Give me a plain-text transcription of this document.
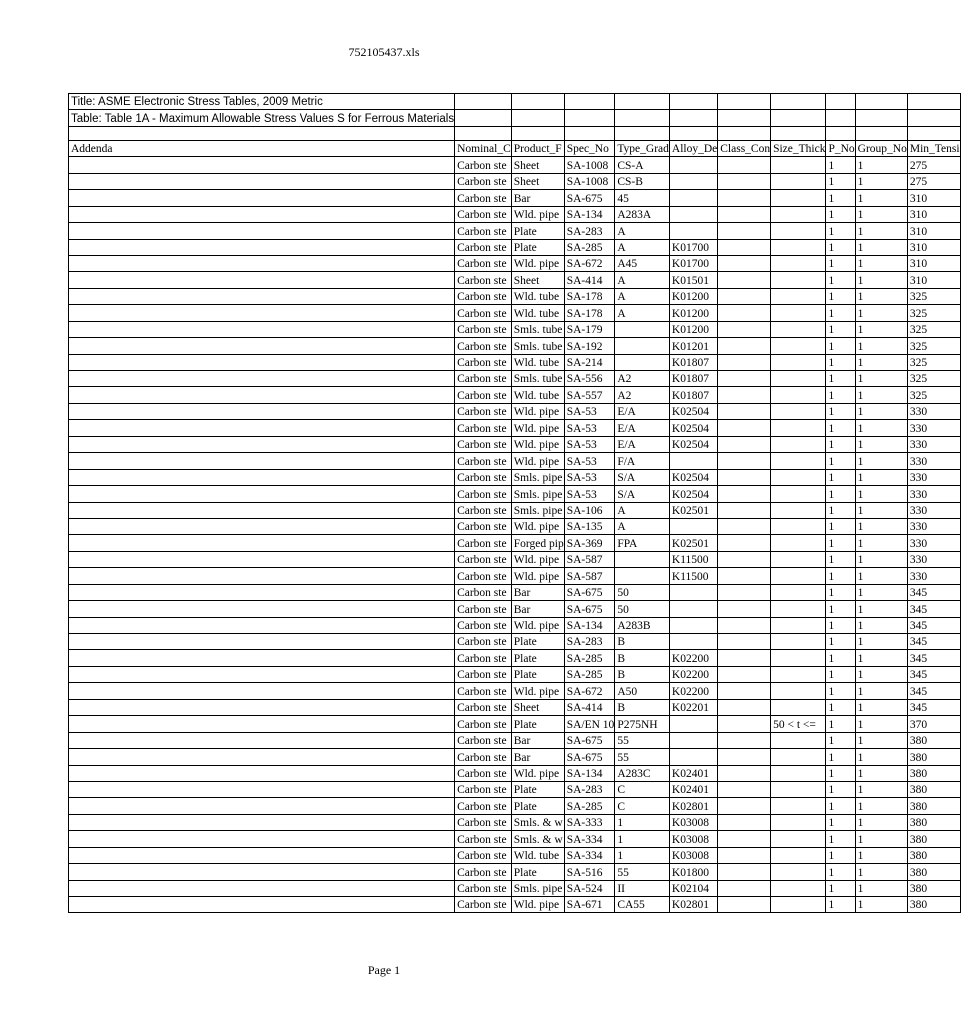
752105437.xls
Title: ASME Electronic Stress Tables, 2009 Metric										
Table: Table 1A - Maximum Allowable Stress Values S for Ferrous Materials										

Addenda	Nominal_C	Product_F	Spec_No	Type_Grad	Alloy_De	Class_Con	Size_Thick	P_No	Group_No	Min_Tensi
	Carbon ste	Sheet	SA-1008	CS-A				1	1	275
	Carbon ste	Sheet	SA-1008	CS-B				1	1	275
	Carbon ste	Bar	SA-675	45				1	1	310
	Carbon ste	Wld. pipe	SA-134	A283A				1	1	310
	Carbon ste	Plate	SA-283	A				1	1	310
	Carbon ste	Plate	SA-285	A	K01700			1	1	310
	Carbon ste	Wld. pipe	SA-672	A45	K01700			1	1	310
	Carbon ste	Sheet	SA-414	A	K01501			1	1	310
	Carbon ste	Wld. tube	SA-178	A	K01200			1	1	325
	Carbon ste	Wld. tube	SA-178	A	K01200			1	1	325
	Carbon ste	Smls. tube	SA-179		K01200			1	1	325
	Carbon ste	Smls. tube	SA-192		K01201			1	1	325
	Carbon ste	Wld. tube	SA-214		K01807			1	1	325
	Carbon ste	Smls. tube	SA-556	A2	K01807			1	1	325
	Carbon ste	Wld. tube	SA-557	A2	K01807			1	1	325
	Carbon ste	Wld. pipe	SA-53	E/A	K02504			1	1	330
	Carbon ste	Wld. pipe	SA-53	E/A	K02504			1	1	330
	Carbon ste	Wld. pipe	SA-53	E/A	K02504			1	1	330
	Carbon ste	Wld. pipe	SA-53	F/A				1	1	330
	Carbon ste	Smls. pipe	SA-53	S/A	K02504			1	1	330
	Carbon ste	Smls. pipe	SA-53	S/A	K02504			1	1	330
	Carbon ste	Smls. pipe	SA-106	A	K02501			1	1	330
	Carbon ste	Wld. pipe	SA-135	A				1	1	330
	Carbon ste	Forged pip	SA-369	FPA	K02501			1	1	330
	Carbon ste	Wld. pipe	SA-587		K11500			1	1	330
	Carbon ste	Wld. pipe	SA-587		K11500			1	1	330
	Carbon ste	Bar	SA-675	50				1	1	345
	Carbon ste	Bar	SA-675	50				1	1	345
	Carbon ste	Wld. pipe	SA-134	A283B				1	1	345
	Carbon ste	Plate	SA-283	B				1	1	345
	Carbon ste	Plate	SA-285	B	K02200			1	1	345
	Carbon ste	Plate	SA-285	B	K02200			1	1	345
	Carbon ste	Wld. pipe	SA-672	A50	K02200			1	1	345
	Carbon ste	Sheet	SA-414	B	K02201			1	1	345
	Carbon ste	Plate	SA/EN 10	P275NH			50 < t <=	1	1	370
	Carbon ste	Bar	SA-675	55				1	1	380
	Carbon ste	Bar	SA-675	55				1	1	380
	Carbon ste	Wld. pipe	SA-134	A283C	K02401			1	1	380
	Carbon ste	Plate	SA-283	C	K02401			1	1	380
	Carbon ste	Plate	SA-285	C	K02801			1	1	380
	Carbon ste	Smls. & w	SA-333	1	K03008			1	1	380
	Carbon ste	Smls. & w	SA-334	1	K03008			1	1	380
	Carbon ste	Wld. tube	SA-334	1	K03008			1	1	380
	Carbon ste	Plate	SA-516	55	K01800			1	1	380
	Carbon ste	Smls. pipe	SA-524	II	K02104			1	1	380
	Carbon ste	Wld. pipe	SA-671	CA55	K02801			1	1	380
Page 1
